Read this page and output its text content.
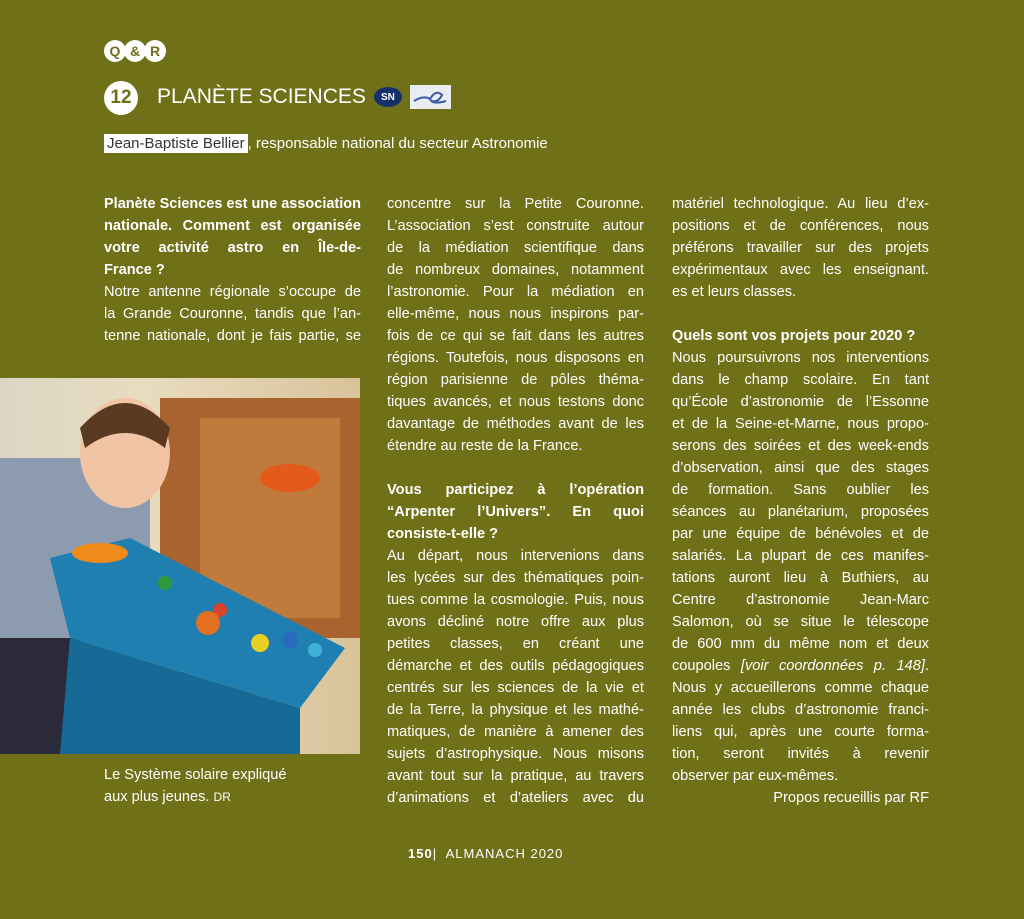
Q & R
12	PLANÈTE SCIENCES	SN
Jean-Baptiste Bellier , responsable national du secteur Astronomie
Planète Sciences est une association
nationale. Comment est organisée
votre activité astro en Île-de-
France ?
Notre antenne régionale s’occupe de
la Grande Couronne, tandis que l’an-
tenne nationale, dont je fais partie, se
concentre sur la Petite Couronne.
L’association s’est construite autour
de la médiation scientifique dans
de nombreux domaines, notamment
l’astronomie. Pour la médiation en
elle-même, nous nous inspirons par-
fois de ce qui se fait dans les autres
régions. Toutefois, nous disposons en
région parisienne de pôles théma-
tiques avancés, et nous testons donc
davantage de méthodes avant de les
étendre au reste de la France.
Vous participez à l’opération
“Arpenter l’Univers”. En quoi
consiste-t-elle ?
Au départ, nous intervenions dans
les lycées sur des thématiques poin-
tues comme la cosmologie. Puis, nous
avons décliné notre offre aux plus
petites classes, en créant une
démarche et des outils pédagogiques
centrés sur les sciences de la vie et
de la Terre, la physique et les mathé-
matiques, de manière à amener des
sujets d’astrophysique. Nous misons
avant tout sur la pratique, au travers
d’animations et d’ateliers avec du
matériel technologique. Au lieu d’ex-
positions et de conférences, nous
préférons travailler sur des projets
expérimentaux avec les enseignant.
es et leurs classes.
Quels sont vos projets pour 2020 ?
Nous poursuivrons nos interventions
dans le champ scolaire. En tant
qu’École d’astronomie de l’Essonne
et de la Seine-et-Marne, nous propo-
serons des soirées et des week-ends
d’observation, ainsi que des stages
de formation. Sans oublier les
séances au planétarium, proposées
par une équipe de bénévoles et de
salariés. La plupart de ces manifes-
tations auront lieu à Buthiers, au
Centre d’astronomie Jean-Marc
Salomon, où se situe le télescope
de 600 mm du même nom et deux
coupoles [voir coordonnées p. 148].
Nous y accueillerons comme chaque
année les clubs d’astronomie franci-
liens qui, après une courte forma-
tion, seront invités à revenir
observer par eux-mêmes.
Propos recueillis par RF
Le Système solaire expliqué
aux plus jeunes. DR
150| ALMANACH 2020
